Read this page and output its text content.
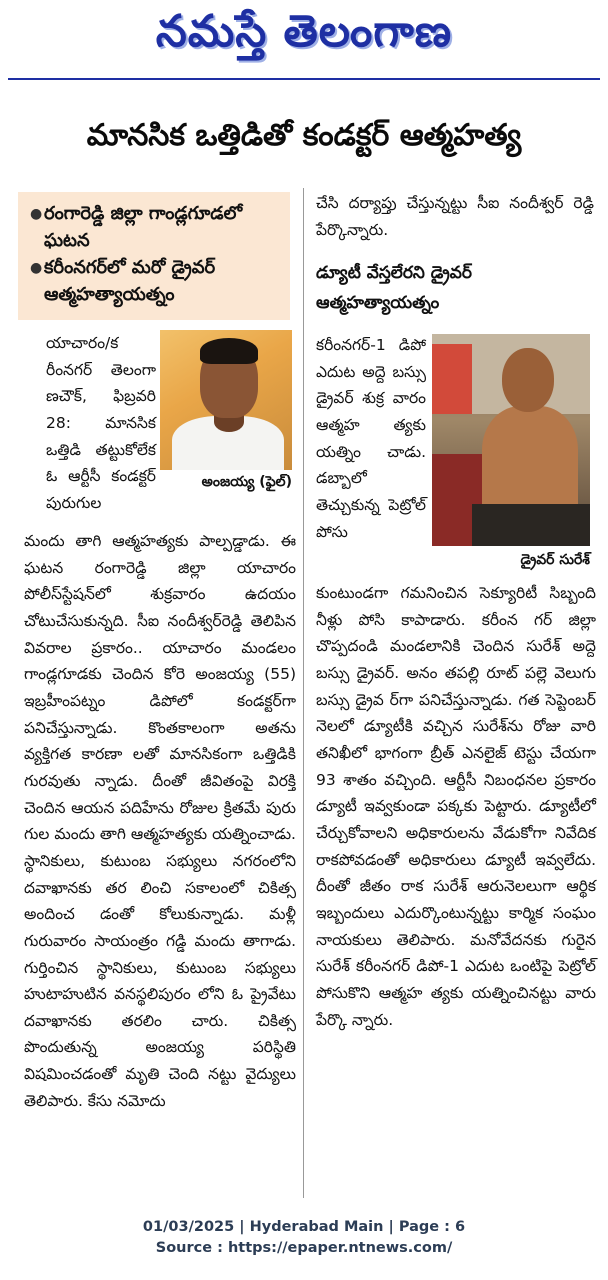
నమస్తే తెలంగాణ
మానసిక ఒత్తిడితో కండక్టర్ ఆత్మహత్య
● రంగారెడ్డి జిల్లా గాండ్లగూడలో ఘటన
● కరీంనగర్‌లో మరో డ్రైవర్ ఆత్మహత్యాయత్నం

యాచారం/క రీంనగర్ తెలంగా ణచౌక్, ఫిబ్రవరి 28: మానసిక ఒత్తిడి తట్టుకోలేక ఓ ఆర్టీసీ కండక్టర్ పురుగుల

అంజయ్య (ఫైల్)

మందు తాగి ఆత్మహత్యకు పాల్పడ్డాడు. ఈ ఘటన రంగారెడ్డి జిల్లా యాచారం పోలీస్‌స్టేషన్‌లో శుక్రవారం ఉదయం చోటుచేసుకున్నది. సీఐ నందీశ్వర్‌రెడ్డి తెలిపిన వివరాల ప్రకారం.. యాచారం మండలం గాండ్లగూడకు చెందిన కోరె అంజయ్య (55) ఇబ్రహీంపట్నం డిపోలో కండక్టర్‌గా పనిచేస్తున్నాడు. కొంతకాలంగా అతను వ్యక్తిగత కారణా లతో మానసికంగా ఒత్తిడికి గురవుతు న్నాడు. దీంతో జీవితంపై విరక్తి చెందిన ఆయన పదిహేను రోజుల క్రితమే పురు గుల మందు తాగి ఆత్మహత్యకు యత్నించాడు. స్థానికులు, కుటుంబ సభ్యులు నగరంలోని దవాఖానకు తర లించి సకాలంలో చికిత్స అందించ డంతో కోలుకున్నాడు. మళ్లీ గురువారం సాయంత్రం గడ్డి మందు తాగాడు. గుర్తించిన స్థానికులు, కుటుంబ సభ్యులు హుటాహుటిన వనస్థలిపురం లోని ఓ ప్రైవేటు దవాఖానకు తరలిం చారు. చికిత్స పొందుతున్న అంజయ్య పరిస్థితి విషమించడంతో మృతి చెంది నట్టు వైద్యులు తెలిపారు. కేసు నమోదు

చేసి దర్యాప్తు చేస్తున్నట్టు సీఐ నందీశ్వర్ రెడ్డి పేర్కొన్నారు.

డ్యూటీ వేస్తలేరని డ్రైవర్ ఆత్మహత్యాయత్నం

కరీంనగర్-1 డిపో ఎదుట అద్దె బస్సు డ్రైవర్ శుక్ర వారం ఆత్మహ త్యకు యత్నిం చాడు. డబ్బాలో తెచ్చుకున్న పెట్రోల్ పోసు

డ్రైవర్ సురేశ్

కుంటుండగా గమనించిన సెక్యూరిటీ సిబ్బంది నీళ్లు పోసి కాపాడారు. కరీంన గర్ జిల్లా చొప్పదండి మండలానికి చెందిన సురేశ్ అద్దె బస్సు డ్రైవర్. అనం తపల్లి రూట్ పల్లె వెలుగు బస్సు డ్రైవ ర్‌గా పనిచేస్తున్నాడు. గత సెప్టెంబర్ నెలలో డ్యూటీకి వచ్చిన సురేశ్‌ను రోజు వారి తనిఖీలో భాగంగా బ్రీత్ ఎనలైజ్ టెస్టు చేయగా 93 శాతం వచ్చింది. ఆర్టీసీ నిబంధనల ప్రకారం డ్యూటీ ఇవ్వకుండా పక్కకు పెట్టారు. డ్యూటీలో చేర్చుకోవాలని అధికారులను వేడుకోగా నివేదిక రాకపోవడంతో అధికారులు డ్యూటీ ఇవ్వలేదు. దీంతో జీతం రాక సురేశ్ ఆరునెలలుగా ఆర్థిక ఇబ్బందులు ఎదుర్కొంటున్నట్టు కార్మిక సంఘం నాయకులు తెలిపారు. మనోవేదనకు గురైన సురేశ్ కరీంనగర్ డిపో-1 ఎదుట ఒంటిపై పెట్రోల్ పోసుకొని ఆత్మహ త్యకు యత్నించినట్టు వారు పేర్కొ న్నారు.

01/03/2025 | Hyderabad Main | Page : 6
Source : https://epaper.ntnews.com/
